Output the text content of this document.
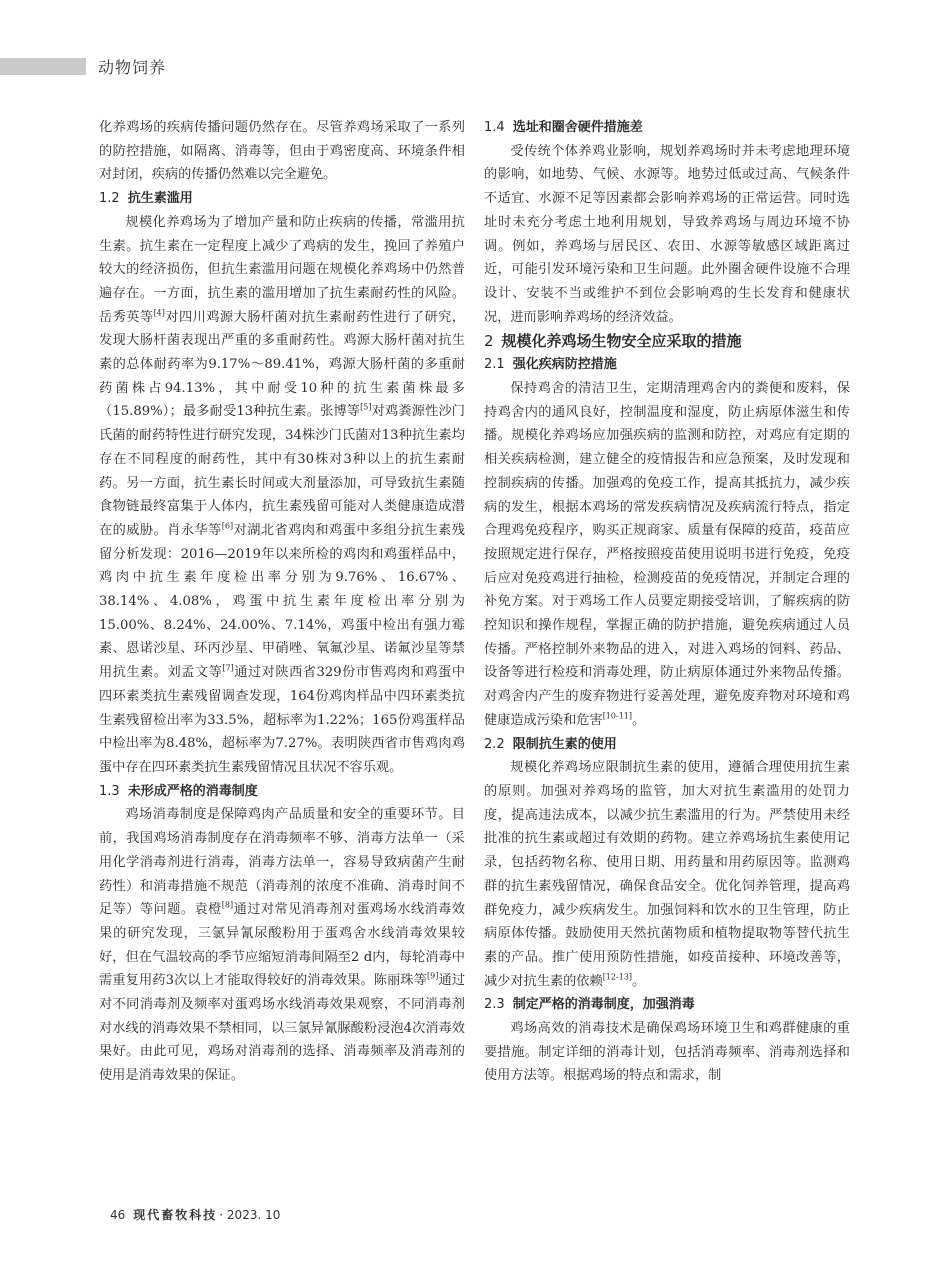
动物饲养

化养鸡场的疾病传播问题仍然存在。尽管养鸡场采取了一系列的防控措施，如隔离、消毒等，但由于鸡密度高、环境条件相对封闭，疾病的传播仍然难以完全避免。

1.2 抗生素滥用

规模化养鸡场为了增加产量和防止疾病的传播，常滥用抗生素。抗生素在一定程度上减少了鸡病的发生，挽回了养殖户较大的经济损伤，但抗生素滥用问题在规模化养鸡场中仍然普遍存在。一方面，抗生素的滥用增加了抗生素耐药性的风险。岳秀英等[4]对四川鸡源大肠杆菌对抗生素耐药性进行了研究，发现大肠杆菌表现出严重的多重耐药性。鸡源大肠杆菌对抗生素的总体耐药率为9.17%～89.41%，鸡源大肠杆菌的多重耐药菌株占94.13%，其中耐受10种的抗生素菌株最多（15.89%）；最多耐受13种抗生素。张博等[5]对鸡粪源性沙门氏菌的耐药特性进行研究发现，34株沙门氏菌对13种抗生素均存在不同程度的耐药性，其中有30株对3种以上的抗生素耐药。另一方面，抗生素长时间或大剂量添加，可导致抗生素随食物链最终富集于人体内，抗生素残留可能对人类健康造成潜在的威胁。肖永华等[6]对湖北省鸡肉和鸡蛋中多组分抗生素残留分析发现：2016—2019年以来所检的鸡肉和鸡蛋样品中，鸡肉中抗生素年度检出率分别为9.76%、16.67%、38.14%、4.08%，鸡蛋中抗生素年度检出率分别为15.00%、8.24%、24.00%、7.14%，鸡蛋中检出有强力霉素、恩诺沙星、环丙沙星、甲硝唑、氧氟沙星、诺氟沙星等禁用抗生素。刘孟文等[7]通过对陕西省329份市售鸡肉和鸡蛋中四环素类抗生素残留调查发现，164份鸡肉样品中四环素类抗生素残留检出率为33.5%，超标率为1.22%；165份鸡蛋样品中检出率为8.48%，超标率为7.27%。表明陕西省市售鸡肉鸡蛋中存在四环素类抗生素残留情况且状况不容乐观。

1.3 未形成严格的消毒制度

鸡场消毒制度是保障鸡肉产品质量和安全的重要环节。目前，我国鸡场消毒制度存在消毒频率不够、消毒方法单一（采用化学消毒剂进行消毒，消毒方法单一，容易导致病菌产生耐药性）和消毒措施不规范（消毒剂的浓度不准确、消毒时间不足等）等问题。袁橙[8]通过对常见消毒剂对蛋鸡场水线消毒效果的研究发现，三氯异氰尿酸粉用于蛋鸡舍水线消毒效果较好，但在气温较高的季节应缩短消毒间隔至2 d内，每轮消毒中需重复用药3次以上才能取得较好的消毒效果。陈丽珠等[9]通过对不同消毒剂及频率对蛋鸡场水线消毒效果观察，不同消毒剂对水线的消毒效果不禁相同，以三氯异氰脲酸粉浸泡4次消毒效果好。由此可见，鸡场对消毒剂的选择、消毒频率及消毒剂的使用是消毒效果的保证。

1.4 选址和圈舍硬件措施差

受传统个体养鸡业影响，规划养鸡场时并未考虑地理环境的影响，如地势、气候、水源等。地势过低或过高、气候条件不适宜、水源不足等因素都会影响养鸡场的正常运营。同时选址时未充分考虑土地利用规划，导致养鸡场与周边环境不协调。例如，养鸡场与居民区、农田、水源等敏感区域距离过近，可能引发环境污染和卫生问题。此外圈舍硬件设施不合理设计、安装不当或维护不到位会影响鸡的生长发育和健康状况，进而影响养鸡场的经济效益。

2 规模化养鸡场生物安全应采取的措施
2.1 强化疾病防控措施

保持鸡舍的清洁卫生，定期清理鸡舍内的粪便和废料，保持鸡舍内的通风良好，控制温度和湿度，防止病原体滋生和传播。规模化养鸡场应加强疾病的监测和防控，对鸡应有定期的相关疾病检测，建立健全的疫情报告和应急预案，及时发现和控制疾病的传播。加强鸡的免疫工作，提高其抵抗力，减少疾病的发生，根据本鸡场的常发疾病情况及疾病流行特点，指定合理鸡免疫程序，购买正规商家、质量有保障的疫苗，疫苗应按照规定进行保存，严格按照疫苗使用说明书进行免疫，免疫后应对免疫鸡进行抽检，检测疫苗的免疫情况，并制定合理的补免方案。对于鸡场工作人员要定期接受培训，了解疾病的防控知识和操作规程，掌握正确的防护措施，避免疾病通过人员传播。严格控制外来物品的进入，对进入鸡场的饲料、药品、设备等进行检疫和消毒处理，防止病原体通过外来物品传播。对鸡舍内产生的废弃物进行妥善处理，避免废弃物对环境和鸡健康造成污染和危害[10-11]。

2.2 限制抗生素的使用

规模化养鸡场应限制抗生素的使用，遵循合理使用抗生素的原则。加强对养鸡场的监管，加大对抗生素滥用的处罚力度，提高违法成本，以减少抗生素滥用的行为。严禁使用未经批准的抗生素或超过有效期的药物。建立养鸡场抗生素使用记录，包括药物名称、使用日期、用药量和用药原因等。监测鸡群的抗生素残留情况，确保食品安全。优化饲养管理，提高鸡群免疫力，减少疾病发生。加强饲料和饮水的卫生管理，防止病原体传播。鼓励使用天然抗菌物质和植物提取物等替代抗生素的产品。推广使用预防性措施，如疫苗接种、环境改善等，减少对抗生素的依赖[12-13]。

2.3 制定严格的消毒制度，加强消毒

鸡场高效的消毒技术是确保鸡场环境卫生和鸡群健康的重要措施。制定详细的消毒计划，包括消毒频率、消毒剂选择和使用方法等。根据鸡场的特点和需求，制

46 现代畜牧科技 · 2023. 10
